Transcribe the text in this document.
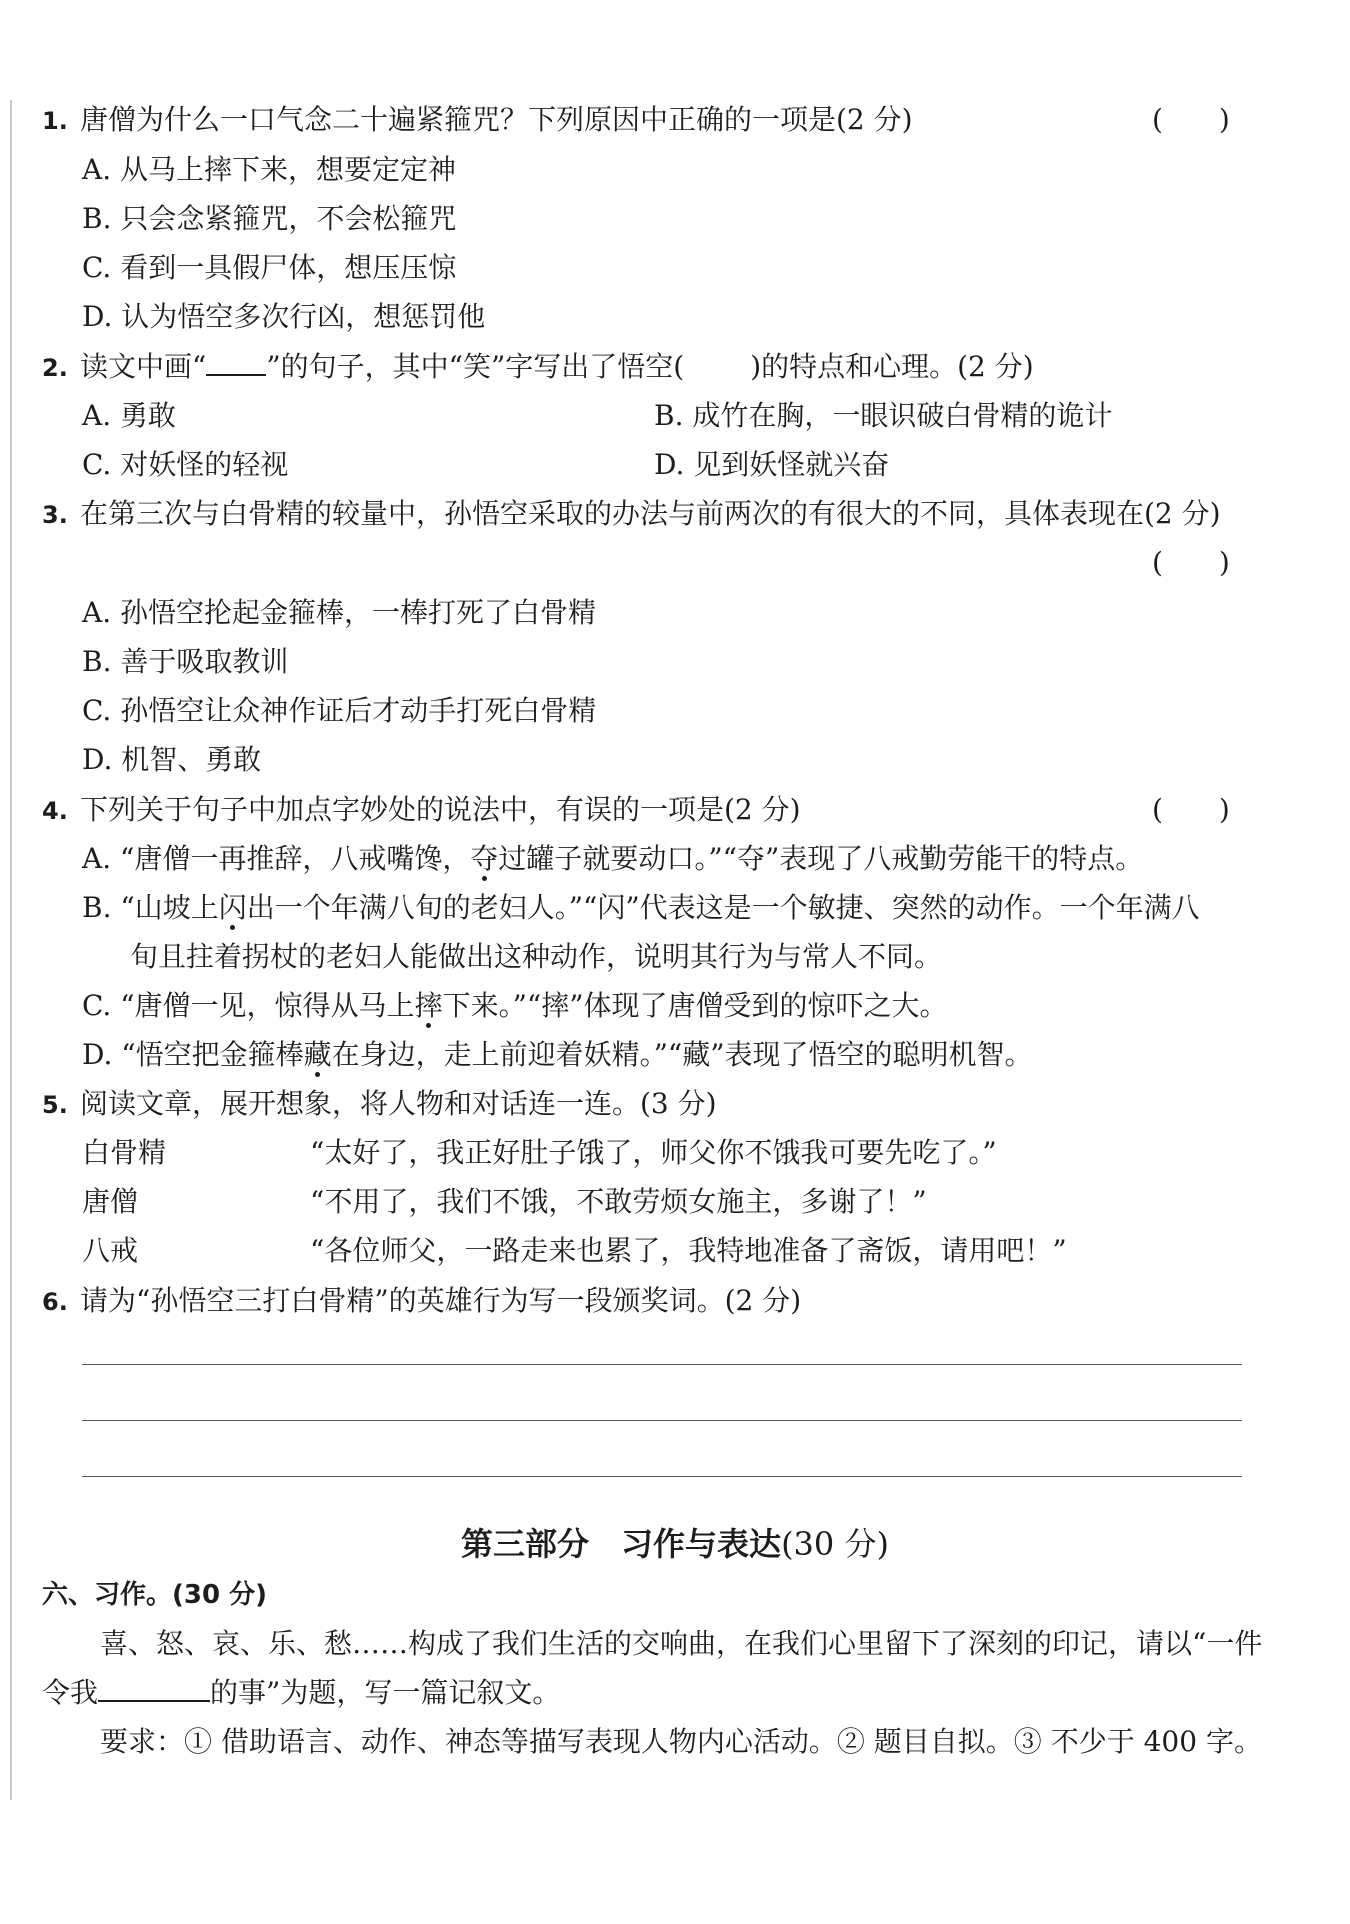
1. 唐僧为什么一口气念二十遍紧箍咒？下列原因中正确的一项是(2 分)	(　　)
A. 从马上摔下来，想要定定神
B. 只会念紧箍咒，不会松箍咒
C. 看到一具假尸体，想压压惊
D. 认为悟空多次行凶，想惩罚他
2. 读文中画“ ”的句子，其中“笑”字写出了悟空( )的特点和心理。(2 分)
A. 勇敢	B. 成竹在胸，一眼识破白骨精的诡计
C. 对妖怪的轻视	D. 见到妖怪就兴奋
3. 在第三次与白骨精的较量中，孙悟空采取的办法与前两次的有很大的不同，具体表现在(2 分)
(　　)
A. 孙悟空抡起金箍棒，一棒打死了白骨精
B. 善于吸取教训
C. 孙悟空让众神作证后才动手打死白骨精
D. 机智、勇敢
4. 下列关于句子中加点字妙处的说法中，有误的一项是(2 分)	(　　)
A. “唐僧一再推辞，八戒嘴馋，夺过罐子就要动口。”“夺”表现了八戒勤劳能干的特点。
B. “山坡上闪出一个年满八旬的老妇人。”“闪”代表这是一个敏捷、突然的动作。一个年满八
旬且拄着拐杖的老妇人能做出这种动作，说明其行为与常人不同。
C. “唐僧一见，惊得从马上摔下来。”“摔”体现了唐僧受到的惊吓之大。
D. “悟空把金箍棒藏在身边，走上前迎着妖精。”“藏”表现了悟空的聪明机智。
5. 阅读文章，展开想象，将人物和对话连一连。(3 分)
白骨精	“太好了，我正好肚子饿了，师父你不饿我可要先吃了。”
唐僧	“不用了，我们不饿，不敢劳烦女施主，多谢了！”
八戒	“各位师父，一路走来也累了，我特地准备了斋饭，请用吧！”
6. 请为“孙悟空三打白骨精”的英雄行为写一段颁奖词。(2 分)
第三部分　习作与表达(30 分)
六、习作。(30 分)
喜、怒、哀、乐、愁……构成了我们生活的交响曲，在我们心里留下了深刻的印记，请以“一件
令我	的事”为题，写一篇记叙文。
要求：① 借助语言、动作、神态等描写表现人物内心活动。② 题目自拟。③ 不少于 400 字。
